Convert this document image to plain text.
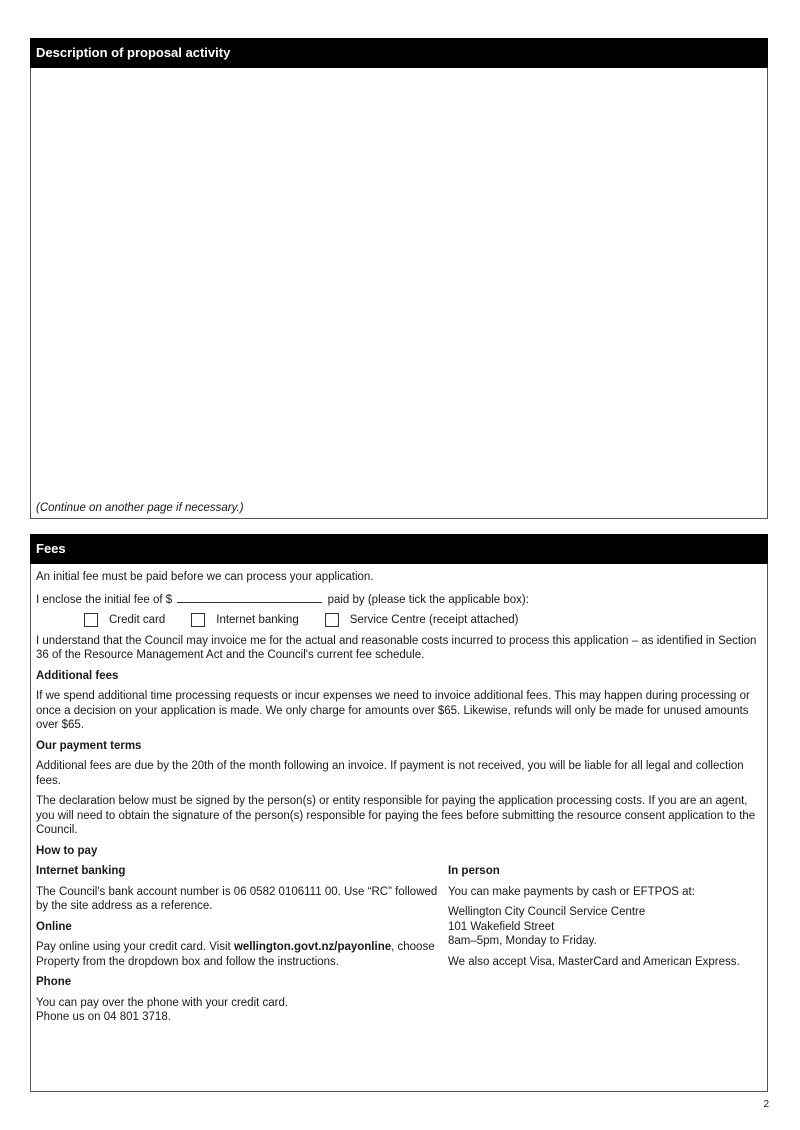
Description of proposal activity
(Continue on another page if necessary.)
Fees

An initial fee must be paid before we can process your application.

I enclose the initial fee of $	paid by (please tick the applicable box):

Credit card	Internet banking	Service Centre (receipt attached)

I understand that the Council may invoice me for the actual and reasonable costs incurred to process this application – as identified in Section 36 of the Resource Management Act and the Council's current fee schedule.

Additional fees

If we spend additional time processing requests or incur expenses we need to invoice additional fees. This may happen during processing or once a decision on your application is made. We only charge for amounts over $65. Likewise, refunds will only be made for unused amounts over $65.

Our payment terms

Additional fees are due by the 20th of the month following an invoice. If payment is not received, you will be liable for all legal and collection fees.

The declaration below must be signed by the person(s) or entity responsible for paying the application processing costs. If you are an agent, you will need to obtain the signature of the person(s) responsible for paying the fees before submitting the resource consent application to the Council.

How to pay
Internet banking

The Council's bank account number is 06 0582 0106111 00. Use “RC” followed by the site address as a reference.

Online

Pay online using your credit card. Visit wellington.govt.nz/payonline, choose Property from the dropdown box and follow the instructions.

Phone

You can pay over the phone with your credit card.
Phone us on 04 801 3718.

In person

You can make payments by cash or EFTPOS at:

Wellington City Council Service Centre
101 Wakefield Street
8am–5pm, Monday to Friday.

We also accept Visa, MasterCard and American Express.

2
